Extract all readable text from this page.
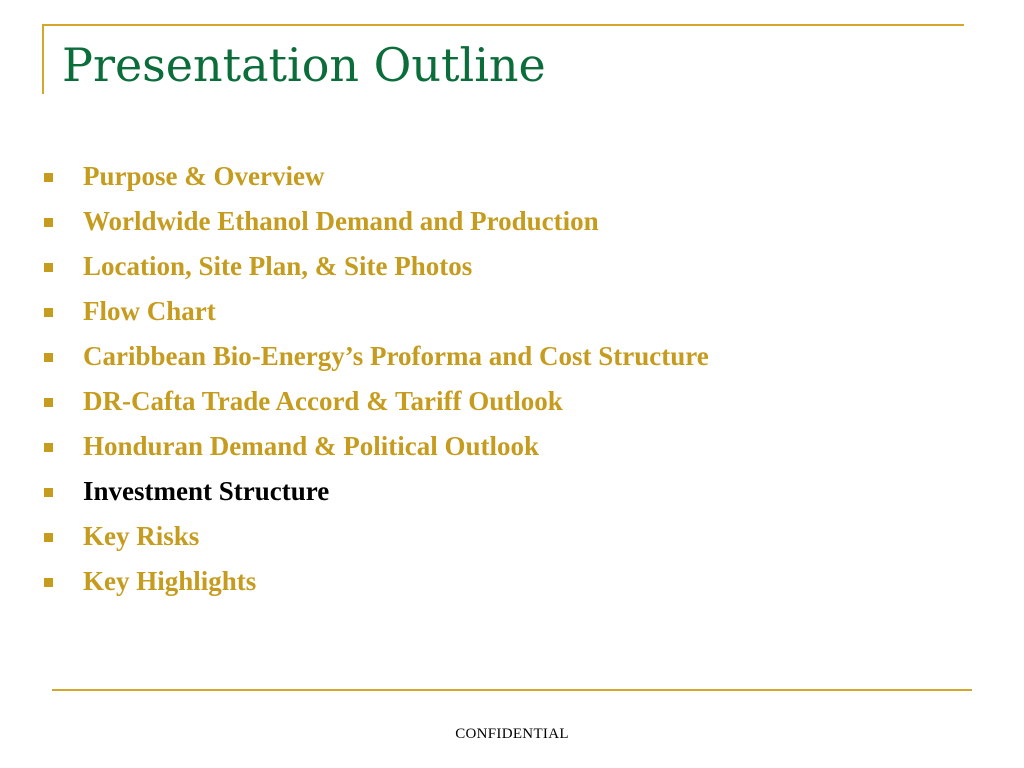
Presentation Outline
Purpose & Overview
Worldwide Ethanol Demand and Production
Location, Site Plan, & Site Photos
Flow Chart
Caribbean Bio-Energy’s Proforma and Cost Structure
DR-Cafta Trade Accord & Tariff Outlook
Honduran Demand & Political Outlook
Investment Structure
Key Risks
Key Highlights
CONFIDENTIAL
